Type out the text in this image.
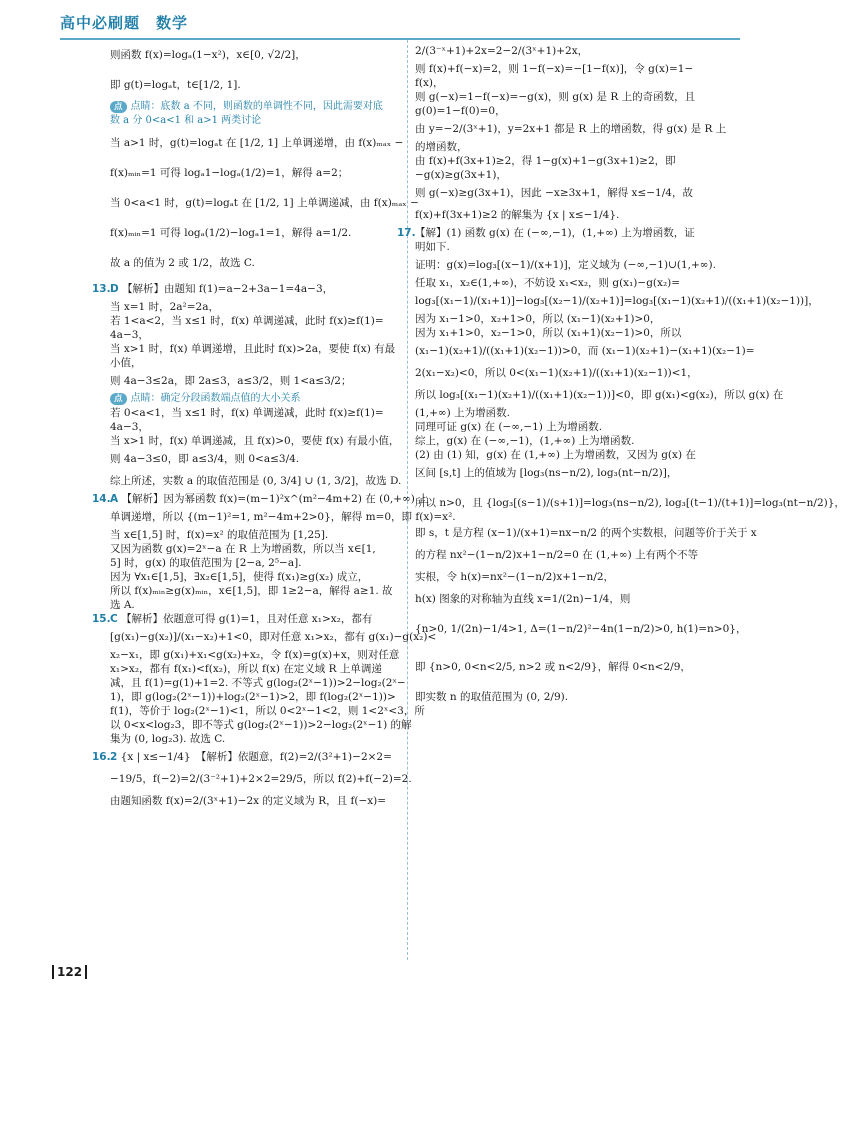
高中必刷题　数学

则函数 f(x)=logₐ(1−x²)，x∈[0, √2/2]，

即 g(t)=logₐt，t∈[1/2, 1].

点 点睛：底数 a 不同，则函数的单调性不同，因此需要对底

数 a 分 0<a<1 和 a>1 两类讨论

当 a>1 时，g(t)=logₐt 在 [1/2, 1] 上单调递增，由 f(x)ₘₐₓ −

f(x)ₘᵢₙ=1 可得 logₐ1−logₐ(1/2)=1，解得 a=2；

当 0<a<1 时，g(t)=logₐt 在 [1/2, 1] 上单调递减，由 f(x)ₘₐₓ −

f(x)ₘᵢₙ=1 可得 logₐ(1/2)−logₐ1=1，解得 a=1/2.

故 a 的值为 2 或 1/2，故选 C.

13. D 【解析】由题知 f(1)=a−2+3a−1=4a−3，

当 x=1 时，2a²=2a，

若 1<a<2，当 x≤1 时，f(x) 单调递减，此时 f(x)≥f(1)=

4a−3，

当 x>1 时，f(x) 单调递增，且此时 f(x)>2a，要使 f(x) 有最

小值，

则 4a−3≤2a，即 2a≤3，a≤3/2，则 1<a≤3/2；

点 点睛：确定分段函数端点值的大小关系

若 0<a<1，当 x≤1 时，f(x) 单调递减，此时 f(x)≥f(1)=

4a−3，

当 x>1 时，f(x) 单调递减，且 f(x)>0，要使 f(x) 有最小值，

则 4a−3≤0，即 a≤3/4，则 0<a≤3/4.

综上所述，实数 a 的取值范围是 (0, 3/4] ∪ (1, 3/2]，故选 D.

14. A 【解析】因为幂函数 f(x)=(m−1)²x^(m²−4m+2) 在 (0,+∞) 上

单调递增，所以 {(m−1)²=1, m²−4m+2>0}，解得 m=0，即 f(x)=x².

当 x∈[1,5] 时，f(x)=x² 的取值范围为 [1,25].

又因为函数 g(x)=2ˣ−a 在 R 上为增函数，所以当 x∈[1,

5] 时，g(x) 的取值范围为 [2−a, 2⁵−a].

因为 ∀x₁∈[1,5]，∃x₂∈[1,5]，使得 f(x₁)≥g(x₂) 成立，

所以 f(x)ₘᵢₙ≥g(x)ₘᵢₙ，x∈[1,5]，即 1≥2−a，解得 a≥1. 故

选 A.

15. C 【解析】依题意可得 g(1)=1，且对任意 x₁>x₂，都有

[g(x₁)−g(x₂)]/(x₁−x₂)+1<0，即对任意 x₁>x₂，都有 g(x₁)−g(x₂)<

x₂−x₁，即 g(x₁)+x₁<g(x₂)+x₂，令 f(x)=g(x)+x，则对任意

x₁>x₂，都有 f(x₁)<f(x₂)，所以 f(x) 在定义域 R 上单调递

减，且 f(1)=g(1)+1=2. 不等式 g(log₂(2ˣ−1))>2−log₂(2ˣ−

1)，即 g(log₂(2ˣ−1))+log₂(2ˣ−1)>2，即 f(log₂(2ˣ−1))>

f(1)，等价于 log₂(2ˣ−1)<1，所以 0<2ˣ−1<2，则 1<2ˣ<3，所

以 0<x<log₂3，即不等式 g(log₂(2ˣ−1))>2−log₂(2ˣ−1) 的解

集为 (0, log₂3). 故选 C.

16. 2 {x | x≤−1/4}　【解析】依题意，f(2)=2/(3²+1)−2×2=

−19/5，f(−2)=2/(3⁻²+1)+2×2=29/5，所以 f(2)+f(−2)=2.

由题知函数 f(x)=2/(3ˣ+1)−2x 的定义域为 R，且 f(−x)=

2/(3⁻ˣ+1)+2x=2−2/(3ˣ+1)+2x，

则 f(x)+f(−x)=2，则 1−f(−x)=−[1−f(x)]，令 g(x)=1−

f(x)，

则 g(−x)=1−f(−x)=−g(x)，则 g(x) 是 R 上的奇函数，且

g(0)=1−f(0)=0，

由 y=−2/(3ˣ+1)，y=2x+1 都是 R 上的增函数，得 g(x) 是 R 上

的增函数，

由 f(x)+f(3x+1)≥2，得 1−g(x)+1−g(3x+1)≥2，即

−g(x)≥g(3x+1)，

则 g(−x)≥g(3x+1)，因此 −x≥3x+1，解得 x≤−1/4，故

f(x)+f(3x+1)≥2 的解集为 {x | x≤−1/4}.

17. 【解】(1) 函数 g(x) 在 (−∞,−1)，(1,+∞) 上为增函数，证

明如下.

证明：g(x)=log₃[(x−1)/(x+1)]，定义域为 (−∞,−1)∪(1,+∞).

任取 x₁，x₂∈(1,+∞)，不妨设 x₁<x₂，则 g(x₁)−g(x₂)=

log₃[(x₁−1)/(x₁+1)]−log₃[(x₂−1)/(x₂+1)]=log₃[(x₁−1)(x₂+1)/((x₁+1)(x₂−1))]，

因为 x₁−1>0，x₂+1>0，所以 (x₁−1)(x₂+1)>0，

因为 x₁+1>0，x₂−1>0，所以 (x₁+1)(x₂−1)>0，所以

(x₁−1)(x₂+1)/((x₁+1)(x₂−1))>0，而 (x₁−1)(x₂+1)−(x₁+1)(x₂−1)=

2(x₁−x₂)<0，所以 0<(x₁−1)(x₂+1)/((x₁+1)(x₂−1))<1，

所以 log₃[(x₁−1)(x₂+1)/((x₁+1)(x₂−1))]<0，即 g(x₁)<g(x₂)，所以 g(x) 在

(1,+∞) 上为增函数.

同理可证 g(x) 在 (−∞,−1) 上为增函数.

综上，g(x) 在 (−∞,−1)，(1,+∞) 上为增函数.

(2) 由 (1) 知，g(x) 在 (1,+∞) 上为增函数，又因为 g(x) 在

区间 [s,t] 上的值域为 [log₃(ns−n/2), log₃(nt−n/2)]，

所以 n>0，且 {log₃[(s−1)/(s+1)]=log₃(ns−n/2), log₃[(t−1)/(t+1)]=log₃(nt−n/2)}，

即 s，t 是方程 (x−1)/(x+1)=nx−n/2 的两个实数根，问题等价于关于 x

的方程 nx²−(1−n/2)x+1−n/2=0 在 (1,+∞) 上有两个不等

实根，令 h(x)=nx²−(1−n/2)x+1−n/2，

h(x) 图象的对称轴为直线 x=1/(2n)−1/4，则

{n>0, 1/(2n)−1/4>1, Δ=(1−n/2)²−4n(1−n/2)>0, h(1)=n>0}，

即 {n>0, 0<n<2/5, n>2 或 n<2/9}，解得 0<n<2/9，

即实数 n 的取值范围为 (0, 2/9).

122
